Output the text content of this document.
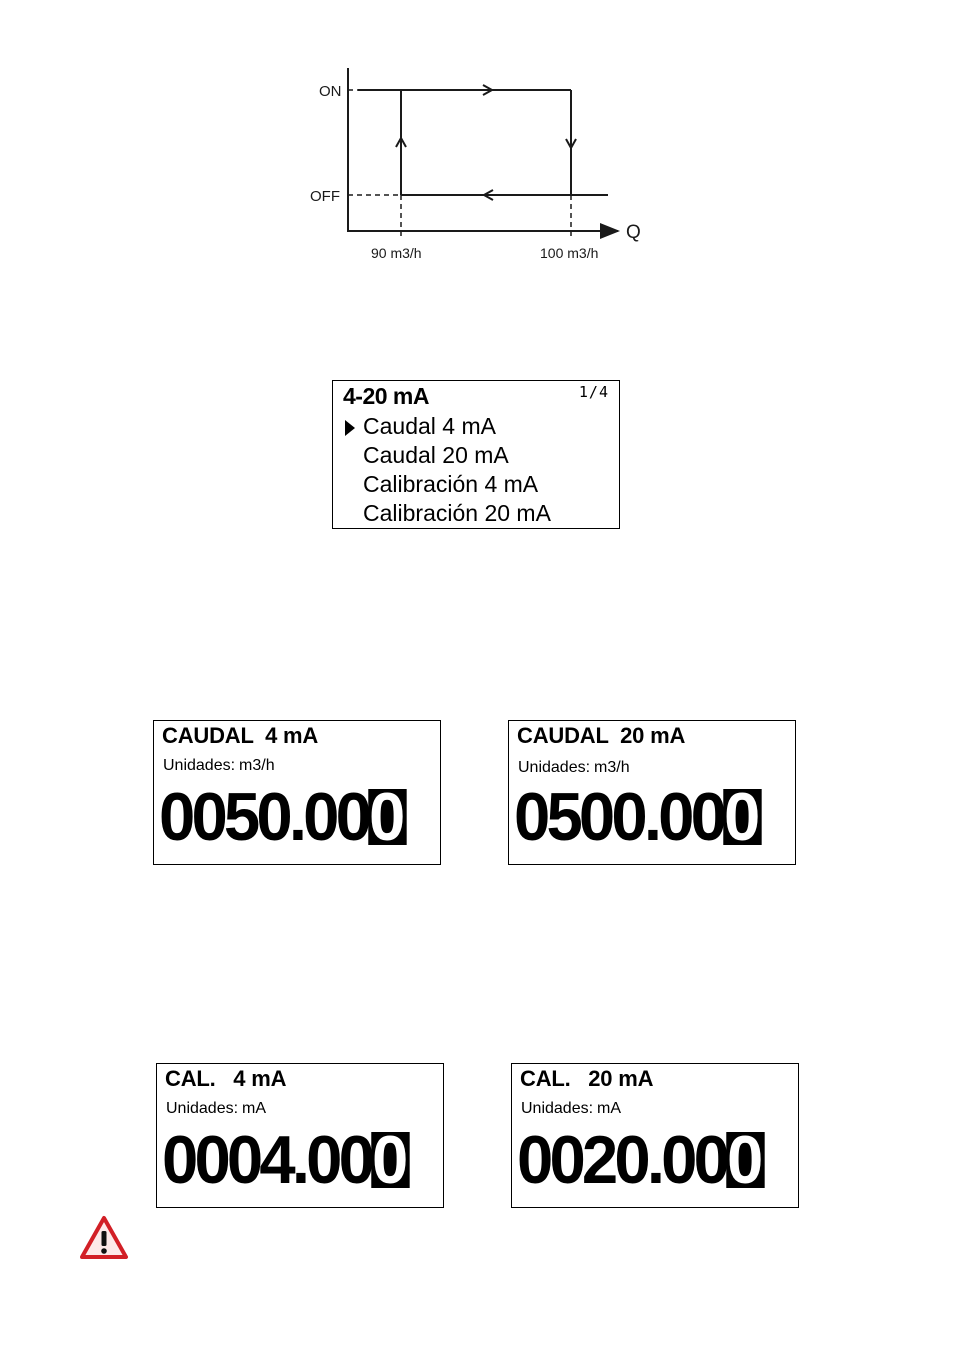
Q
ON
OFF
90 m3/h	100 m3/h
4-20 mA	1/4
Caudal 4 mA
Caudal 20 mA
Calibración 4 mA
Calibración 20 mA
CAUDAL  4 mA
Unidades: m3/h
0050.000
CAUDAL  20 mA
Unidades: m3/h
0500.000
CAL.   4 mA
Unidades: mA
0004.000
CAL.   20 mA
Unidades: mA
0020.000
